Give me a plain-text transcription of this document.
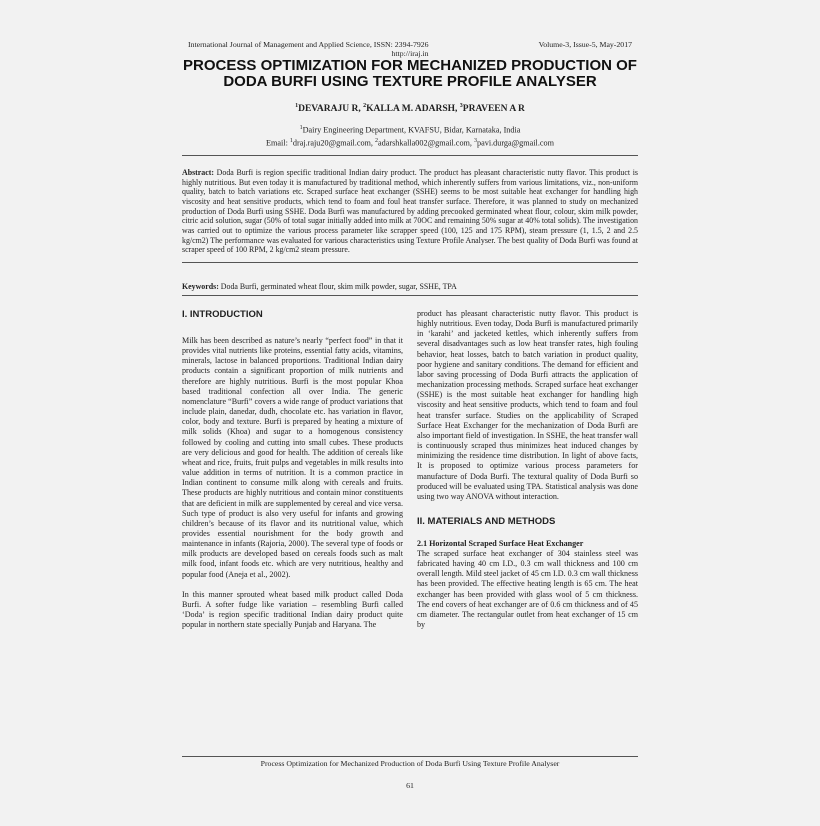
International Journal of Management and Applied Science, ISSN: 2394-7926	Volume-3, Issue-5, May-2017
http://iraj.in
PROCESS OPTIMIZATION FOR MECHANIZED PRODUCTION OF DODA BURFI USING TEXTURE PROFILE ANALYSER
$^1$DEVARAJU R, $^2$KALLA M. ADARSH, $^3$PRAVEEN A R
$^1$Dairy Engineering Department, KVAFSU, Bidar, Karnataka, India
Email: $^1$draj.raju20@gmail.com, $^2$adarshkalla002@gmail.com, $^3$pavi.durga@gmail.com
Abstract: Doda Burfi is region specific traditional Indian dairy product. The product has pleasant characteristic nutty flavor. This product is highly nutritious. But even today it is manufactured by traditional method, which inherently suffers from various limitations, viz., non-uniform quality, batch to batch variations etc. Scraped surface heat exchanger (SSHE) seems to be most suitable heat exchanger for handling high viscosity and heat sensitive products, which tend to foam and foul heat transfer surface. Therefore, it was planned to study on mechanized production of Doda Burfi using SSHE. Doda Burfi was manufactured by adding precooked germinated wheat flour, colour, skim milk powder, citric acid solution, sugar (50% of total sugar initially added into milk at 70OC and remaining 50% sugar at 40% total solids). The investigation was carried out to optimize the various process parameter like scrapper speed (100, 125 and 175 RPM), steam pressure (1, 1.5, 2 and 2.5 kg/cm2) The performance was evaluated for various characteristics using Texture Profile Analyser. The best quality of Doda Burfi was found at scraper speed of 100 RPM, 2 kg/cm2 steam pressure.
Keywords: Doda Burfi, germinated wheat flour, skim milk powder, sugar, SSHE, TPA
I. INTRODUCTION

Milk has been described as nature’s nearly “perfect food” in that it provides vital nutrients like proteins, essential fatty acids, vitamins, minerals, lactose in balanced proportions. Traditional Indian dairy products contain a significant proportion of milk nutrients and therefore are highly nutritious. Burfi is the most popular Khoa based traditional confection all over India. The generic nomenclature “Burfi” covers a wide range of product variations that include plain, danedar, dudh, chocolate etc. has variation in flavor, color, body and texture. Burfi is prepared by heating a mixture of milk solids (Khoa) and sugar to a homogenous consistency followed by cooling and cutting into small cubes. These products are very delicious and good for health. The addition of cereals like wheat and rice, fruits, fruit pulps and vegetables in milk results into value addition in terms of nutrition. It is a common practice in Indian continent to consume milk along with cereals and fruits. These products are highly nutritious and contain minor constituents that are deficient in milk are supplemented by cereal and vice versa. Such type of product is also very useful for infants and growing children’s because of its flavor and its nutritional value, which provides essential nourishment for the body growth and maintenance in infants (Rajoria, 2000). The several type of foods or milk products are developed based on cereals foods such as malt milk food, infant foods etc. which are very nutritious, healthy and popular food (Aneja et al., 2002).

In this manner sprouted wheat based milk product called Doda Burfi. A softer fudge like variation – resembling Burfi called ‘Doda’ is region specific traditional Indian dairy product quite popular in northern state specially Punjab and Haryana. The

product has pleasant characteristic nutty flavor. This product is highly nutritious. Even today, Doda Burfi is manufactured primarily in ‘karahi’ and jacketed kettles, which inherently suffers from several disadvantages such as low heat transfer rates, high fouling behavior, heat losses, batch to batch variation in product quality, poor hygiene and sanitary conditions. The demand for efficient and labor saving processing of Doda Burfi attracts the application of mechanization processing methods. Scraped surface heat exchanger (SSHE) is the most suitable heat exchanger for handling high viscosity and heat sensitive products, which tend to foam and foul heat transfer surface. Studies on the applicability of Scraped Surface Heat Exchanger for the mechanization of Doda Burfi are also important field of investigation. In SSHE, the heat transfer wall is continuously scraped thus minimizes heat induced changes by minimizing the residence time distribution. In light of above facts, It is proposed to optimize various process parameters for manufacture of Doda Burfi. The textural quality of Doda Burfi so produced will be evaluated using TPA. Statistical analysis was done using two way ANOVA without interaction.

II. MATERIALS AND METHODS
2.1 Horizontal Scraped Surface Heat Exchanger

The scraped surface heat exchanger of 304 stainless steel was fabricated having 40 cm I.D., 0.3 cm wall thickness and 100 cm overall length. Mild steel jacket of 45 cm I.D. 0.3 cm wall thickness has been provided. The effective heating length is 65 cm. The heat exchanger has been provided with glass wool of 5 cm thickness. The end covers of heat exchanger are of 0.6 cm thickness and of 45 cm diameter. The rectangular outlet from heat exchanger of 15 cm by

Process Optimization for Mechanized Production of Doda Burfi Using Texture Profile Analyser
61
